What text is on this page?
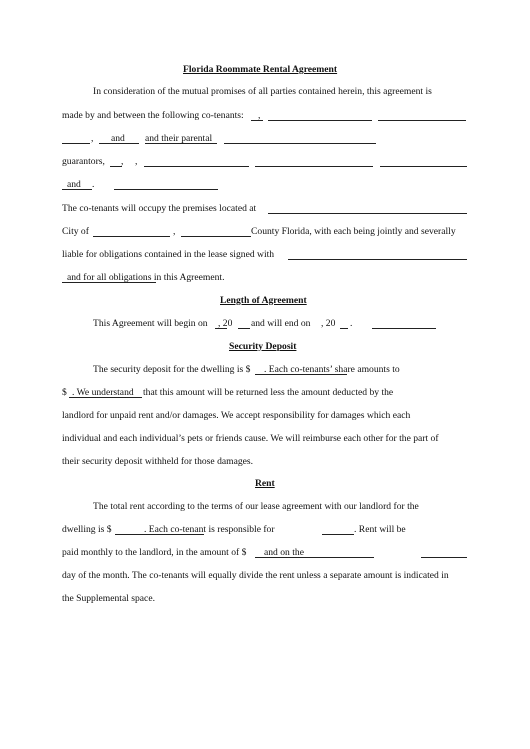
Florida Roommate Rental Agreement
In consideration of the mutual promises of all parties contained herein, this agreement is
made by and between the following co-tenants: ,
, and and their parental
guarantors, , ,
and .
The co-tenants will occupy the premises located at
City of	,	County Florida, with each being jointly and severally
liable for obligations contained in the lease signed with
and for all obligations in this Agreement.
Length of Agreement
This Agreement will begin on , 20 and will end on , 20 .
Security Deposit
The security deposit for the dwelling is $ . Each co-tenants’ share amounts to
$ . We understand that this amount will be returned less the amount deducted by the
landlord for unpaid rent and/or damages. We accept responsibility for damages which each
individual and each individual’s pets or friends cause. We will reimburse each other for the part of
their security deposit withheld for those damages.
Rent
The total rent according to the terms of our lease agreement with our landlord for the
dwelling is $	. Each co-tenant is responsible for	. Rent will be
paid monthly to the landlord, in the amount of $ and on the
day of the month. The co-tenants will equally divide the rent unless a separate amount is indicated in
the Supplemental space.
